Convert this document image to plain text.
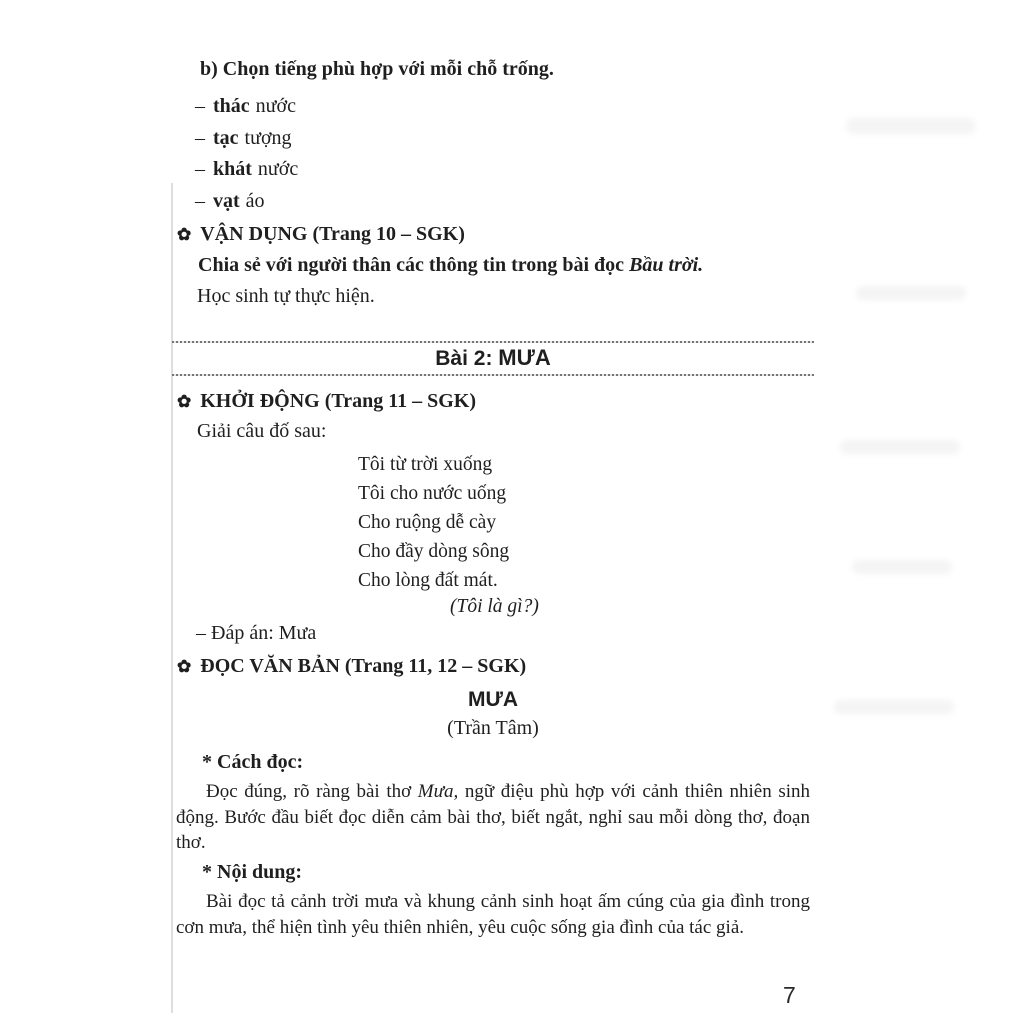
b) Chọn tiếng phù hợp với mỗi chỗ trống.
– thác nước
– tạc tượng
– khát nước
– vạt áo
✿ VẬN DỤNG (Trang 10 – SGK)
Chia sẻ với người thân các thông tin trong bài đọc Bầu trời.
Học sinh tự thực hiện.
Bài 2: MƯA
✿ KHỞI ĐỘNG (Trang 11 – SGK)
Giải câu đố sau:
Tôi từ trời xuống
Tôi cho nước uống
Cho ruộng dễ cày
Cho đầy dòng sông
Cho lòng đất mát.
(Tôi là gì?)
– Đáp án: Mưa
✿ ĐỌC VĂN BẢN (Trang 11, 12 – SGK)
MƯA
(Trần Tâm)
* Cách đọc:

Đọc đúng, rõ ràng bài thơ Mưa, ngữ điệu phù hợp với cảnh thiên nhiên sinh động. Bước đầu biết đọc diễn cảm bài thơ, biết ngắt, nghỉ sau mỗi dòng thơ, đoạn thơ.

* Nội dung:

Bài đọc tả cảnh trời mưa và khung cảnh sinh hoạt ấm cúng của gia đình trong cơn mưa, thể hiện tình yêu thiên nhiên, yêu cuộc sống gia đình của tác giả.

7
